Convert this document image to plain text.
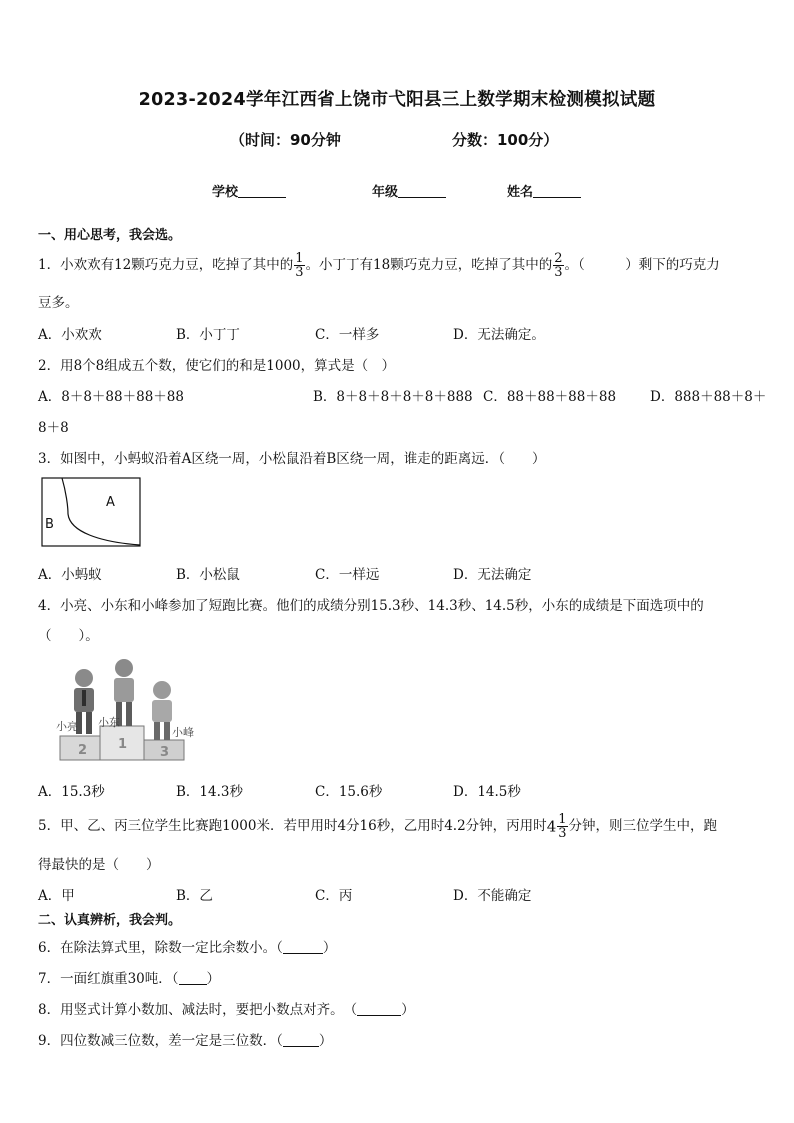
2023-2024学年江西省上饶市弋阳县三上数学期末检测模拟试题
（时间：90分钟	分数：100分）
学校	年级	姓名
一、用心思考，我会选。
1．小欢欢有12颗巧克力豆，吃掉了其中的 $\frac{1}{3}$ 。小丁丁有18颗巧克力豆，吃掉了其中的 $\frac{2}{3}$ 。（　　　）剩下的巧克力
豆多。
A．小欢欢	B．小丁丁	C．一样多	D．无法确定。
2．用8个8组成五个数，使它们的和是1000，算式是（　）
A．8＋8＋88＋88＋88	B．8＋8＋8＋8＋8＋888 C．88＋88＋88＋88	D．888＋88＋8＋
8＋8
3．如图中，小蚂蚁沿着A区绕一周，小松鼠沿着B区绕一周，谁走的距离远．（　　）
A
B
A．小蚂蚁	B．小松鼠	C．一样远	D．无法确定
4．小亮、小东和小峰参加了短跑比赛。他们的成绩分别15.3秒、14.3秒、14.5秒，小东的成绩是下面选项中的
（　　）。
2 1
3
小亮 小东
小峰
A．15.3秒	B．14.3秒	C．15.6秒	D．14.5秒
5．甲、乙、丙三位学生比赛跑1000米．若甲用时4分16秒，乙用时4.2分钟，丙用时$4 \frac{1}{3}$ 分钟，则三位学生中，跑
得最快的是（　　）
A．甲	B．乙	C．丙	D．不能确定
二、认真辨析，我会判。
6．在除法算式里，除数一定比余数小。（	）
7．一面红旗重30吨．（ ）
8．用竖式计算小数加、减法时，要把小数点对齐。　（	）
9．四位数减三位数，差一定是三位数．（	）
